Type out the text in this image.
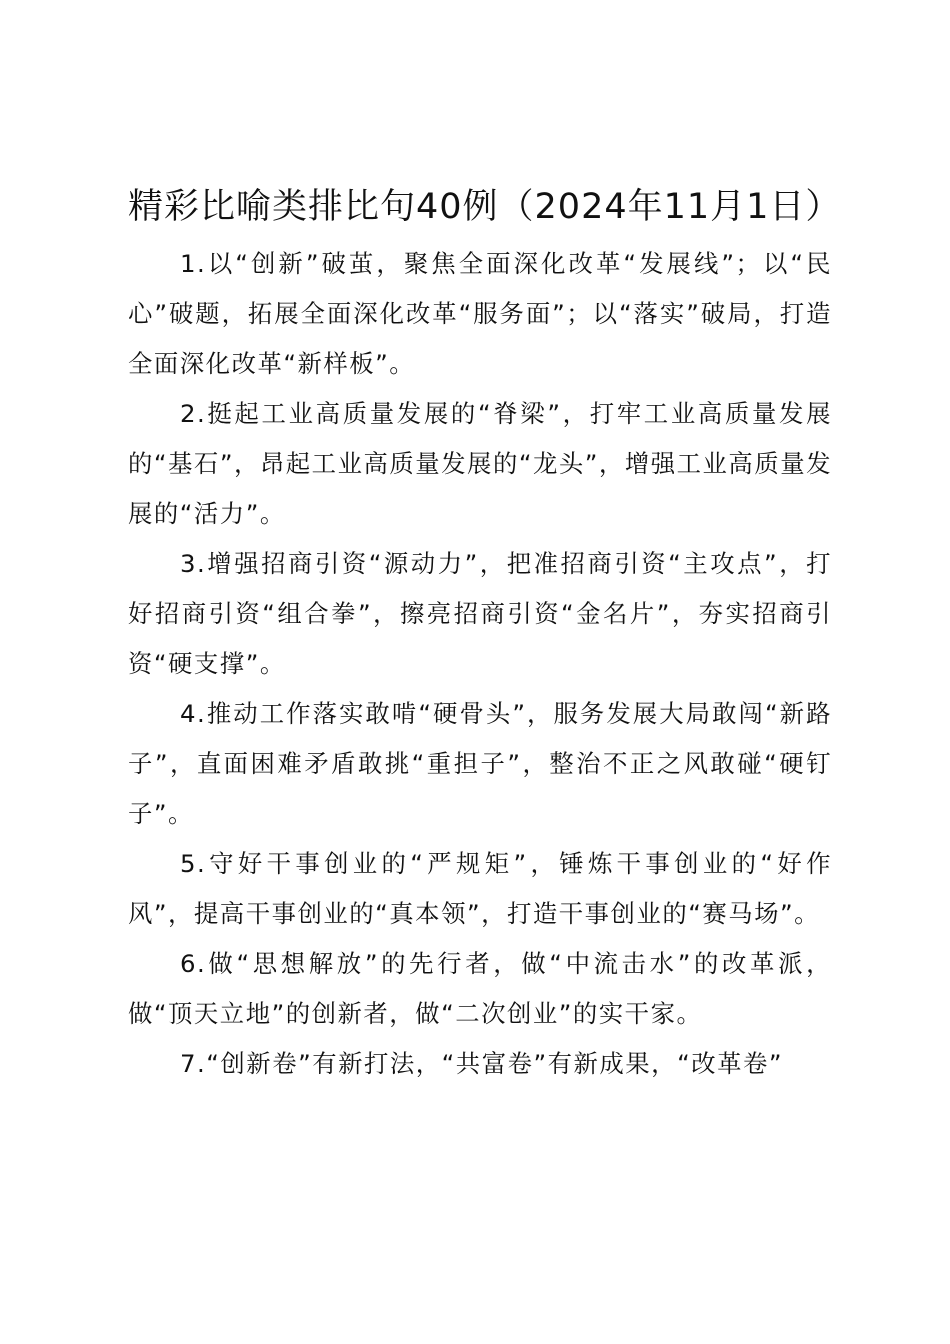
精彩比喻类排比句40例（2024年11月1日）

1.以“创新”破茧，聚焦全面深化改革“发展线”；以“民心”破题，拓展全面深化改革“服务面”；以“落实”破局，打造全面深化改革“新样板”。

2.挺起工业高质量发展的“脊梁”，打牢工业高质量发展的“基石”，昂起工业高质量发展的“龙头”，增强工业高质量发展的“活力”。

3.增强招商引资“源动力”，把准招商引资“主攻点”，打好招商引资“组合拳”，擦亮招商引资“金名片”，夯实招商引资“硬支撑”。

4.推动工作落实敢啃“硬骨头”，服务发展大局敢闯“新路子”，直面困难矛盾敢挑“重担子”，整治不正之风敢碰“硬钉子”。

5.守好干事创业的“严规矩”，锤炼干事创业的“好作风”，提高干事创业的“真本领”，打造干事创业的“赛马场”。

6.做“思想解放”的先行者，做“中流击水”的改革派，做“顶天立地”的创新者，做“二次创业”的实干家。

7.“创新卷”有新打法，“共富卷”有新成果，“改革卷”
